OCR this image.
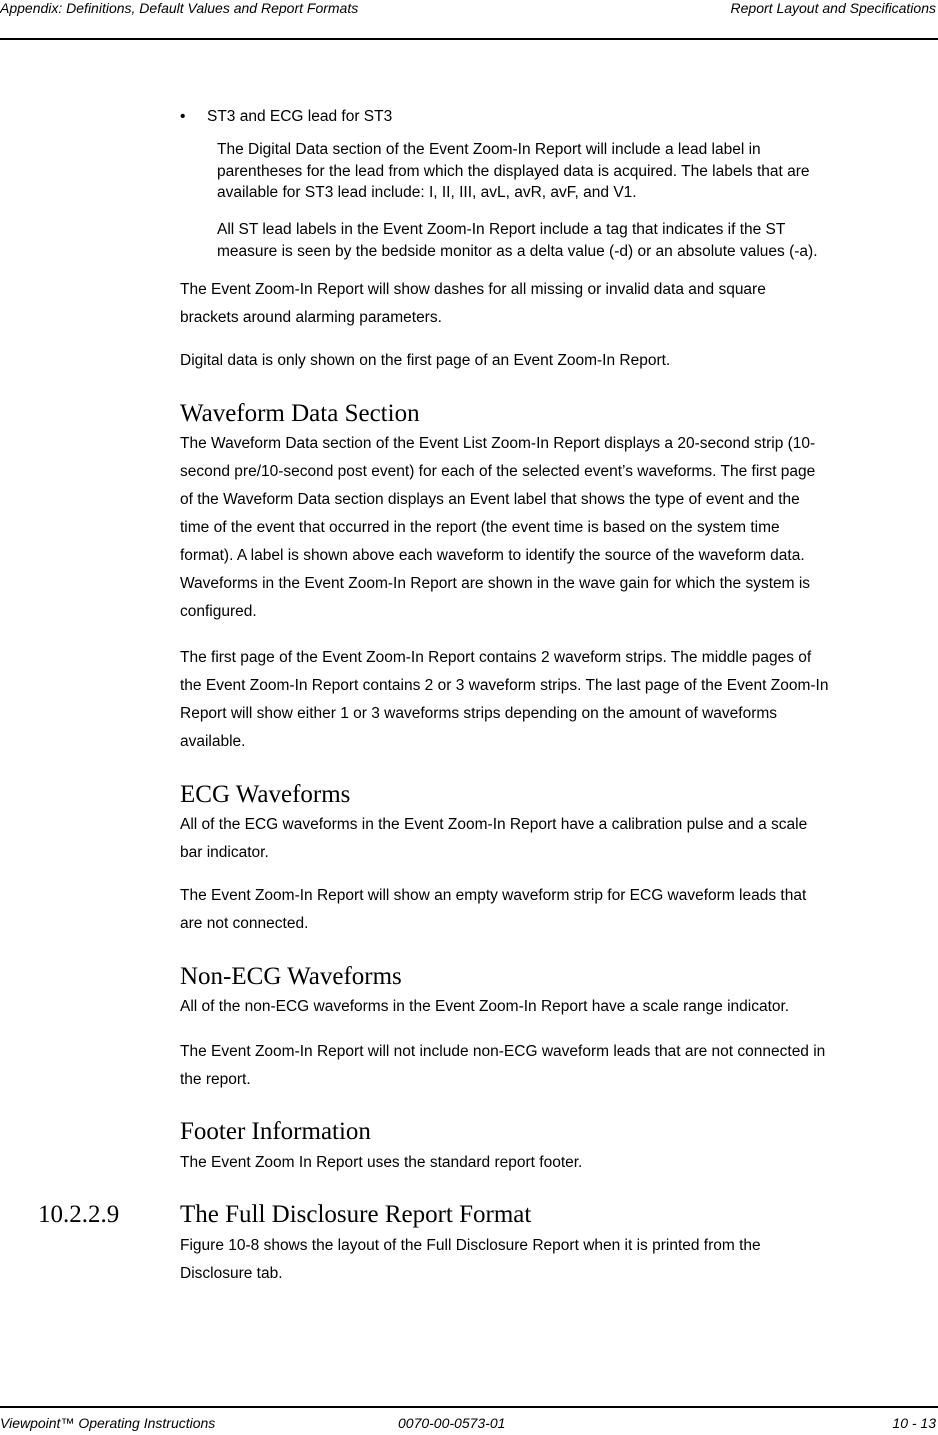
Appendix: Definitions, Default Values and Report Formats	Report Layout and Specifications
• ST3 and ECG lead for ST3

The Digital Data section of the Event Zoom-In Report will include a lead label in
parentheses for the lead from which the displayed data is acquired. The labels that are
available for ST3 lead include: I, II, III, avL, avR, avF, and V1.

All ST lead labels in the Event Zoom-In Report include a tag that indicates if the ST
measure is seen by the bedside monitor as a delta value (-d) or an absolute values (-a).

The Event Zoom-In Report will show dashes for all missing or invalid data and square
brackets around alarming parameters.

Digital data is only shown on the first page of an Event Zoom-In Report.

Waveform Data Section

The Waveform Data section of the Event List Zoom-In Report displays a 20-second strip (10-
second pre/10-second post event) for each of the selected event’s waveforms. The first page
of the Waveform Data section displays an Event label that shows the type of event and the
time of the event that occurred in the report (the event time is based on the system time
format). A label is shown above each waveform to identify the source of the waveform data.
Waveforms in the Event Zoom-In Report are shown in the wave gain for which the system is
configured.

The first page of the Event Zoom-In Report contains 2 waveform strips. The middle pages of
the Event Zoom-In Report contains 2 or 3 waveform strips. The last page of the Event Zoom-In
Report will show either 1 or 3 waveforms strips depending on the amount of waveforms
available.

ECG Waveforms

All of the ECG waveforms in the Event Zoom-In Report have a calibration pulse and a scale
bar indicator.

The Event Zoom-In Report will show an empty waveform strip for ECG waveform leads that
are not connected.

Non-ECG Waveforms

All of the non-ECG waveforms in the Event Zoom-In Report have a scale range indicator.

The Event Zoom-In Report will not include non-ECG waveform leads that are not connected in
the report.

Footer Information

The Event Zoom In Report uses the standard report footer.

10.2.2.9 The Full Disclosure Report Format

Figure 10-8 shows the layout of the Full Disclosure Report when it is printed from the
Disclosure tab.

Viewpoint™ Operating Instructions	0070-00-0573-01	10 - 13
